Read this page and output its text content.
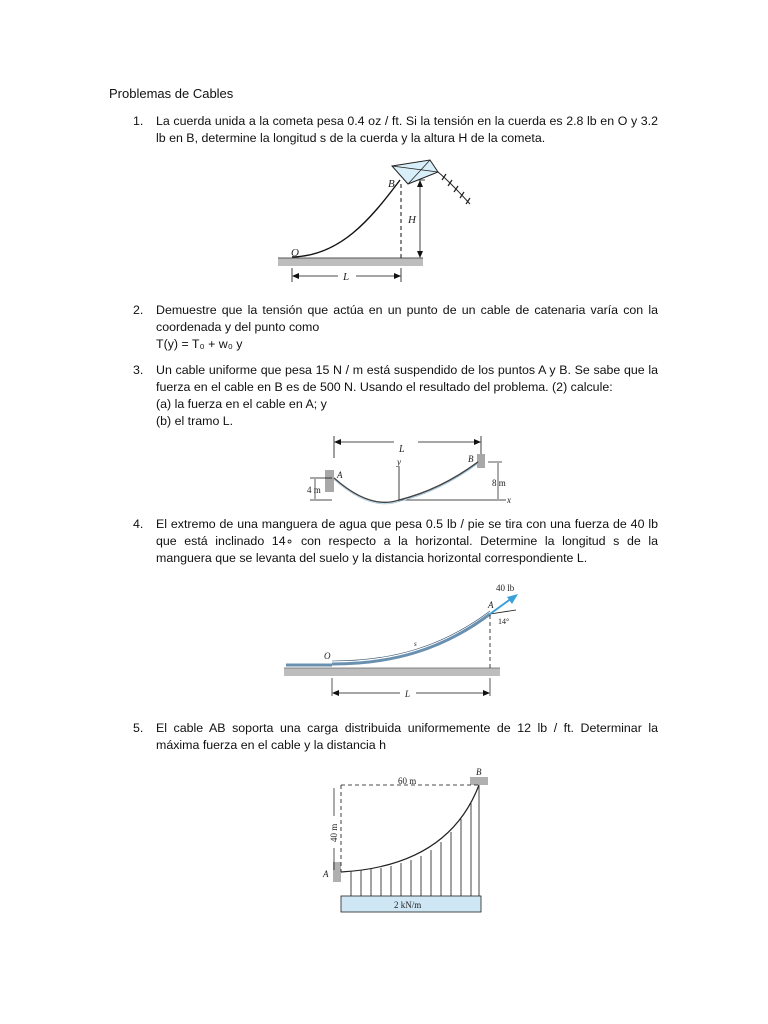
Problemas de Cables
1. La cuerda unida a la cometa pesa 0.4 oz / ft. Si la tensión en la cuerda es 2.8 lb en O y 3.2 lb en B, determine la longitud s de la cuerda y la altura H de la cometa.
B
O
H
L
2. Demuestre que la tensión que actúa en un punto de un cable de catenaria varía con la coordenada y del punto como
T(y) = T₀ + w₀ y
3. Un cable uniforme que pesa 15 N / m está suspendido de los puntos A y B. Se sabe que la fuerza en el cable en B es de 500 N. Usando el resultado del problema. (2) calcule:
(a) la fuerza en el cable en A; y
(b) el tramo L.
L
y
A
B
4 m
8 m
x
4. El extremo de una manguera de agua que pesa 0.5 lb / pie se tira con una fuerza de 40 lb que está inclinado 14∘ con respecto a la horizontal. Determine la longitud s de la manguera que se levanta del suelo y la distancia horizontal correspondiente L.
40 lb
A
14°
O
s
L
5. El cable AB soporta una carga distribuida uniformemente de 12 lb / ft. Determinar la máxima fuerza en el cable y la distancia h
60 m
B
40 m
A
2 kN/m
